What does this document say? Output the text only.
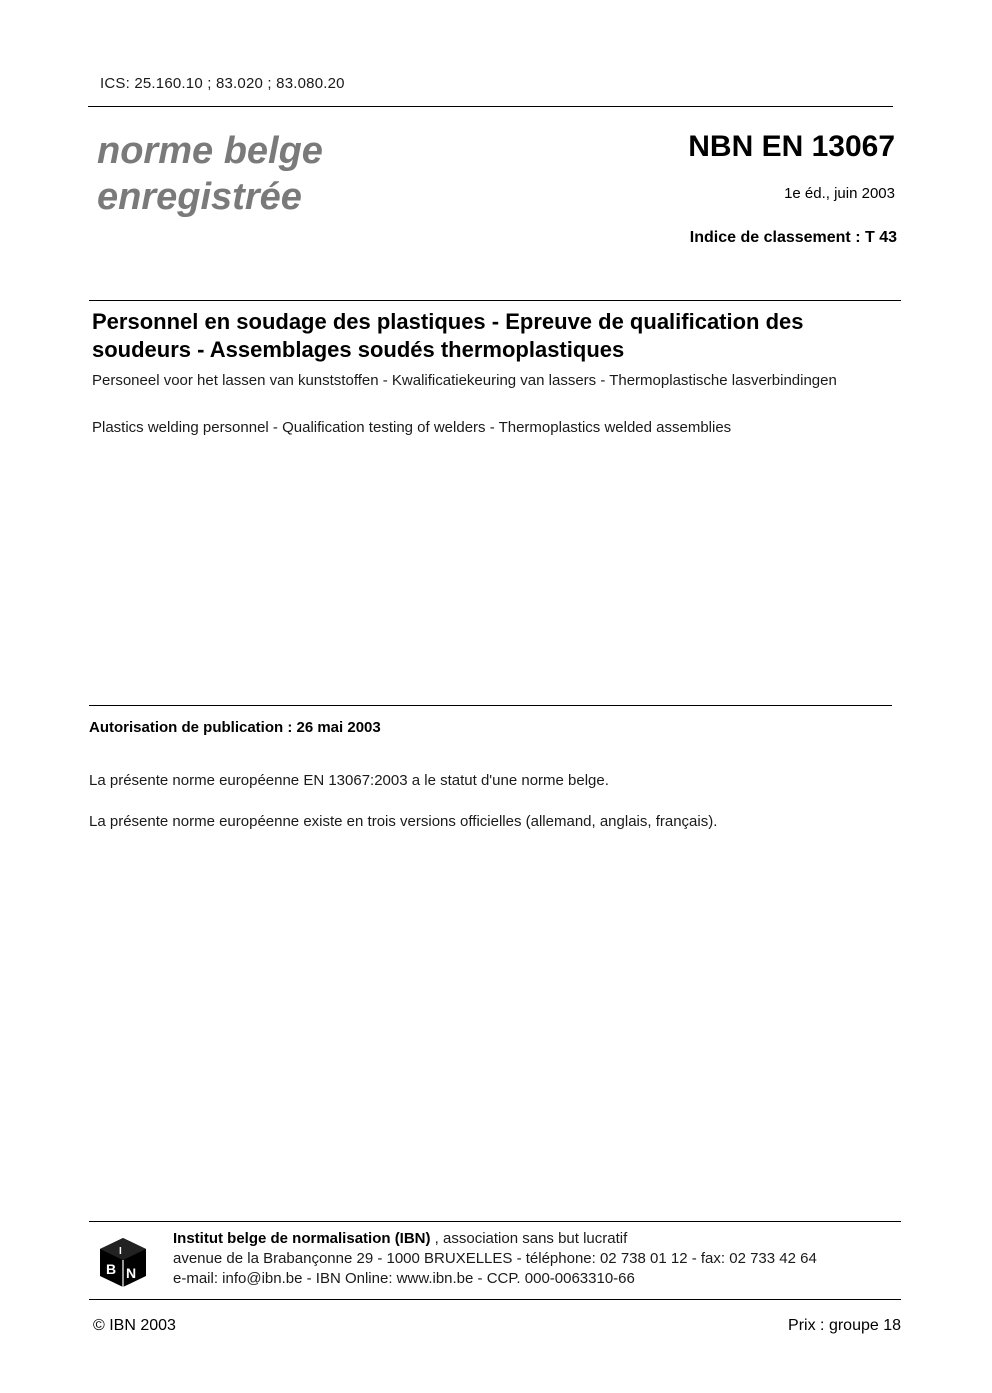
ICS: 25.160.10 ; 83.020 ; 83.080.20
norme belge
enregistrée
NBN EN 13067
1e éd., juin 2003
Indice de classement : T 43
Personnel en soudage des plastiques - Epreuve de qualification des soudeurs - Assemblages soudés thermoplastiques
Personeel voor het lassen van kunststoffen - Kwalificatiekeuring van lassers - Thermoplastische lasverbindingen
Plastics welding personnel - Qualification testing of welders - Thermoplastics welded assemblies
Autorisation de publication : 26 mai 2003
La présente norme européenne EN 13067:2003 a le statut d'une norme belge.
La présente norme européenne existe en trois versions officielles (allemand, anglais, français).
B N
I
Institut belge de normalisation (IBN) , association sans but lucratif
avenue de la Brabançonne 29 - 1000 BRUXELLES - téléphone: 02 738 01 12 - fax: 02 733 42 64
e-mail: info@ibn.be - IBN Online: www.ibn.be - CCP. 000-0063310-66
© IBN 2003	Prix : groupe 18
